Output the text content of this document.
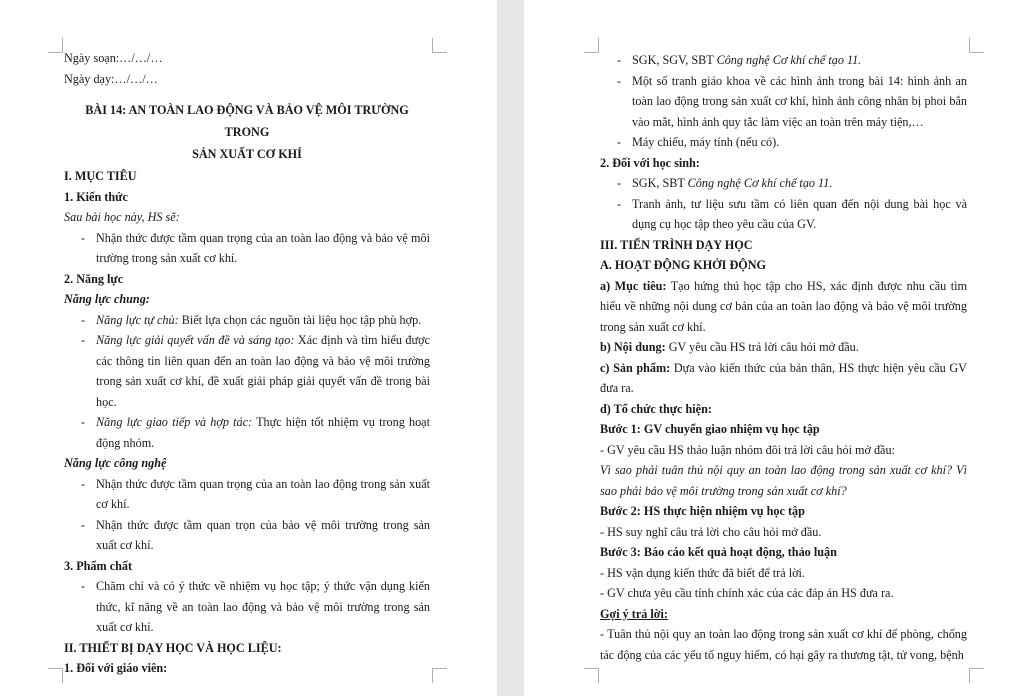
Ngày soạn:…/…/…

Ngày dạy:…/…/…

BÀI 14: AN TOÀN LAO ĐỘNG VÀ BẢO VỆ MÔI TRƯỜNG TRONG
SẢN XUẤT CƠ KHÍ

I. MỤC TIÊU

1. Kiến thức

Sau bài học này, HS sẽ:

- Nhận thức được tầm quan trọng của an toàn lao động và bảo vệ môi trường trong sản xuất cơ khí.

2. Năng lực

Năng lực chung:

- Năng lực tự chủ: Biết lựa chọn các nguồn tài liệu học tập phù hợp.
- Năng lực giải quyết vấn đề và sáng tạo: Xác định và tìm hiểu được các thông tin liên quan đến an toàn lao động và bảo vệ môi trường trong sản xuất cơ khí, đề xuất giải pháp giải quyết vấn đề trong bài học.
- Năng lực giao tiếp và hợp tác: Thực hiện tốt nhiệm vụ trong hoạt động nhóm.

Năng lực công nghệ

- Nhận thức được tầm quan trọng của an toàn lao động trong sản xuất cơ khí.
- Nhận thức được tầm quan trọn của bảo vệ môi trường trong sản xuất cơ khí.

3. Phẩm chất

- Chăm chỉ và có ý thức về nhiệm vụ học tập; ý thức vận dụng kiến thức, kĩ năng về an toàn lao động và bảo vệ môi trường trong sản xuất cơ khí.

II. THIẾT BỊ DẠY HỌC VÀ HỌC LIỆU:

1. Đối với giáo viên:

- SGK, SGV, SBT Công nghệ Cơ khí chế tạo 11.
- Một số tranh giáo khoa về các hình ảnh trong bài 14: hình ảnh an toàn lao động trong sản xuất cơ khí, hình ảnh công nhân bị phoi bắn vào mắt, hình ảnh quy tắc làm việc an toàn trên máy tiện,…
- Máy chiếu, máy tính (nếu có).

2. Đối với học sinh:

- SGK, SBT Công nghệ Cơ khí chế tạo 11.
- Tranh ảnh, tư liệu sưu tầm có liên quan đến nội dung bài học và dụng cụ học tập theo yêu cầu của GV.

III. TIẾN TRÌNH DẠY HỌC

A. HOẠT ĐỘNG KHỞI ĐỘNG

a) Mục tiêu: Tạo hứng thú học tập cho HS, xác định được nhu cầu tìm hiểu về những nội dung cơ bản của an toàn lao động và bảo vệ môi trường trong sản xuất cơ khí.

b) Nội dung: GV yêu cầu HS trả lời câu hỏi mở đầu.

c) Sản phẩm: Dựa vào kiến thức của bản thân, HS thực hiện yêu cầu GV đưa ra.

d) Tổ chức thực hiện:

Bước 1: GV chuyển giao nhiệm vụ học tập

- GV yêu cầu HS thảo luận nhóm đôi trả lời câu hỏi mở đầu:

Vì sao phải tuân thủ nội quy an toàn lao động trong sản xuất cơ khí? Vì sao phải bảo vệ môi trường trong sản xuất cơ khí?

Bước 2: HS thực hiện nhiệm vụ học tập

- HS suy nghĩ câu trả lời cho câu hỏi mở đầu.

Bước 3: Báo cáo kết quả hoạt động, thảo luận

- HS vận dụng kiến thức đã biết để trả lời.

- GV chưa yêu cầu tính chính xác của các đáp án HS đưa ra.

Gợi ý trả lời:

- Tuân thủ nội quy an toàn lao động trong sản xuất cơ khí để phòng, chống tác động của các yếu tố nguy hiểm, có hại gây ra thương tật, tử vong, bệnh
